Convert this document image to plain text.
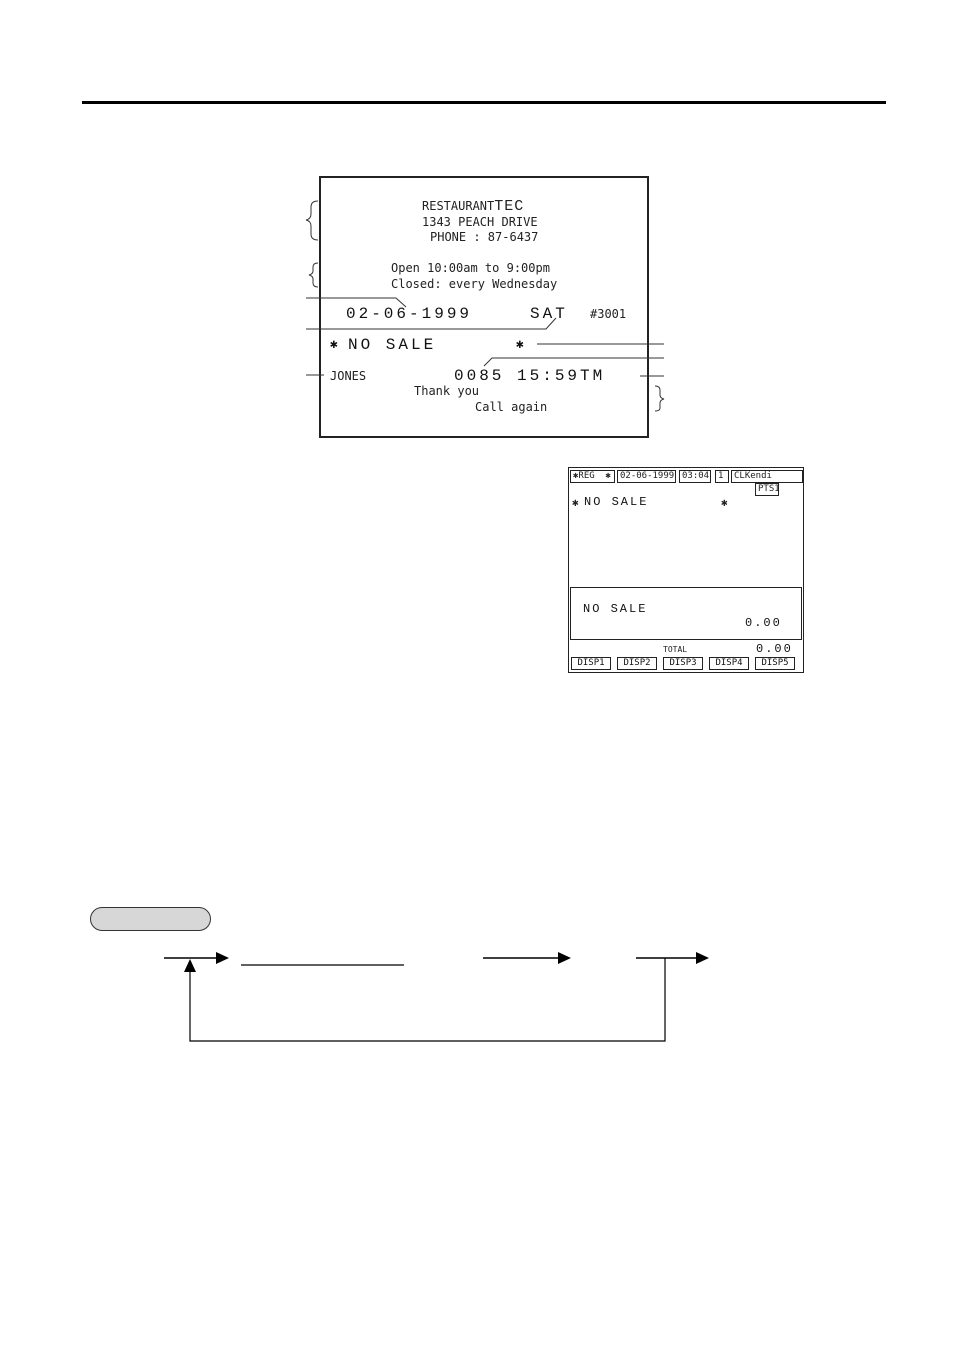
RESTAURANTTEC
1343 PEACH DRIVE
PHONE : 87-6437
Open 10:00am to 9:00pm
Closed: every Wednesday
02-06-1999	SAT #3001
✱ NO SALE	✱
JONES	0085 15:59TM
Thank you
Call again
✱REG  ✱	02-06-1999 03:04 1	CLKendi
PTS1
✱ NO SALE	✱
NO SALE
0.00
TOTAL	0.00
DISP1	DISP2	DISP3	DISP4	DISP5
